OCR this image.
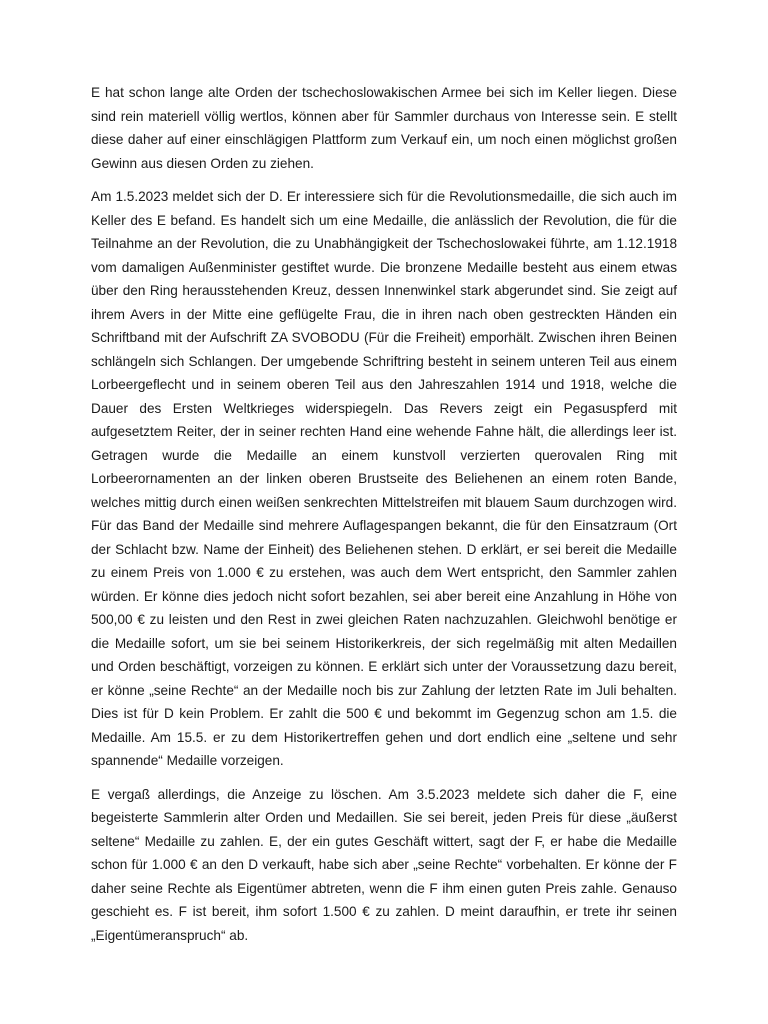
E hat schon lange alte Orden der tschechoslowakischen Armee bei sich im Keller liegen. Diese sind rein materiell völlig wertlos, können aber für Sammler durchaus von Interesse sein. E stellt diese daher auf einer einschlägigen Plattform zum Verkauf ein, um noch einen möglichst großen Gewinn aus diesen Orden zu ziehen.

Am 1.5.2023 meldet sich der D. Er interessiere sich für die Revolutionsmedaille, die sich auch im Keller des E befand. Es handelt sich um eine Medaille, die anlässlich der Revolution, die für die Teilnahme an der Revolution, die zu Unabhängigkeit der Tschechoslowakei führte, am 1.12.1918 vom damaligen Außenminister gestiftet wurde. Die bronzene Medaille besteht aus einem etwas über den Ring herausstehenden Kreuz, dessen Innenwinkel stark abgerundet sind. Sie zeigt auf ihrem Avers in der Mitte eine geflügelte Frau, die in ihren nach oben gestreckten Händen ein Schriftband mit der Aufschrift ZA SVOBODU (Für die Freiheit) emporhält. Zwischen ihren Beinen schlängeln sich Schlangen. Der umgebende Schriftring besteht in seinem unteren Teil aus einem Lorbeergeflecht und in seinem oberen Teil aus den Jahreszahlen 1914 und 1918, welche die Dauer des Ersten Weltkrieges widerspiegeln. Das Revers zeigt ein Pegasuspferd mit aufgesetztem Reiter, der in seiner rechten Hand eine wehende Fahne hält, die allerdings leer ist. Getragen wurde die Medaille an einem kunstvoll verzierten querovalen Ring mit Lorbeerornamenten an der linken oberen Brustseite des Beliehenen an einem roten Bande, welches mittig durch einen weißen senkrechten Mittelstreifen mit blauem Saum durchzogen wird. Für das Band der Medaille sind mehrere Auflagespangen bekannt, die für den Einsatzraum (Ort der Schlacht bzw. Name der Einheit) des Beliehenen stehen. D erklärt, er sei bereit die Medaille zu einem Preis von 1.000 € zu erstehen, was auch dem Wert entspricht, den Sammler zahlen würden. Er könne dies jedoch nicht sofort bezahlen, sei aber bereit eine Anzahlung in Höhe von 500,00 € zu leisten und den Rest in zwei gleichen Raten nachzuzahlen. Gleichwohl benötige er die Medaille sofort, um sie bei seinem Historikerkreis, der sich regelmäßig mit alten Medaillen und Orden beschäftigt, vorzeigen zu können. E erklärt sich unter der Voraussetzung dazu bereit, er könne „seine Rechte“ an der Medaille noch bis zur Zahlung der letzten Rate im Juli behalten. Dies ist für D kein Problem. Er zahlt die 500 € und bekommt im Gegenzug schon am 1.5. die Medaille. Am 15.5. er zu dem Historikertreffen gehen und dort endlich eine „seltene und sehr spannende“ Medaille vorzeigen.

E vergaß allerdings, die Anzeige zu löschen. Am 3.5.2023 meldete sich daher die F, eine begeisterte Sammlerin alter Orden und Medaillen. Sie sei bereit, jeden Preis für diese „äußerst seltene“ Medaille zu zahlen. E, der ein gutes Geschäft wittert, sagt der F, er habe die Medaille schon für 1.000 € an den D verkauft, habe sich aber „seine Rechte“ vorbehalten. Er könne der F daher seine Rechte als Eigentümer abtreten, wenn die F ihm einen guten Preis zahle. Genauso geschieht es. F ist bereit, ihm sofort 1.500 € zu zahlen. D meint daraufhin, er trete ihr seinen „Eigentümeranspruch“ ab.
